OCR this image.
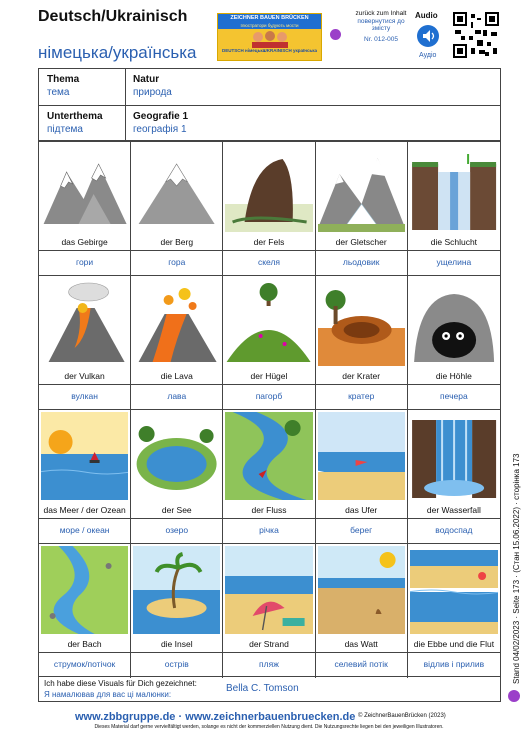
Deutsch/Ukrainisch
німецька/українська
ZEICHNER BAUEN BRÜCKEN
Ілюстратори будують мости
DEUTSCH німецька
UKRAINISCH українська
zurück zum Inhalt
повернутися до змісту
Nr. 012-005
Audio
Аудіо
Thema
тема
Natur
природа
Unterthema
підтема
Geografie 1
географія 1
das Gebirge
гори
der Berg
гора
der Fels
скеля
der Gletscher
льодовик
die Schlucht
ущелина
der Vulkan
вулкан
die Lava
лава
der Hügel
пагорб
der Krater
кратер
die Höhle
печера
das Meer / der Ozean
море / океан
der See
озеро
der Fluss
річка
das Ufer
берег
der Wasserfall
водоспад
der Bach
струмок/потічок
die Insel
острів
der Strand
пляж
das Watt
селевий потік
die Ebbe und die Flut
відлив і прилив
Ich habe diese Visuals für Dich gezeichnet:
Я намалював для вас ці малюнки:
Bella C. Tomson
www.zbbgruppe.de · www.zeichnerbauenbruecken.de © ZeichnerBauenBrücken (2023)
Dieses Material darf gerne vervielfältigt werden, solange es nicht der kommerziellen Nutzung dient. Die Nutzungsrechte liegen bei den jeweiligen Illustratoren.
Stand 04/02/2023 · Seite 173 · (Стан 15.06.2022) · сторінка 173
